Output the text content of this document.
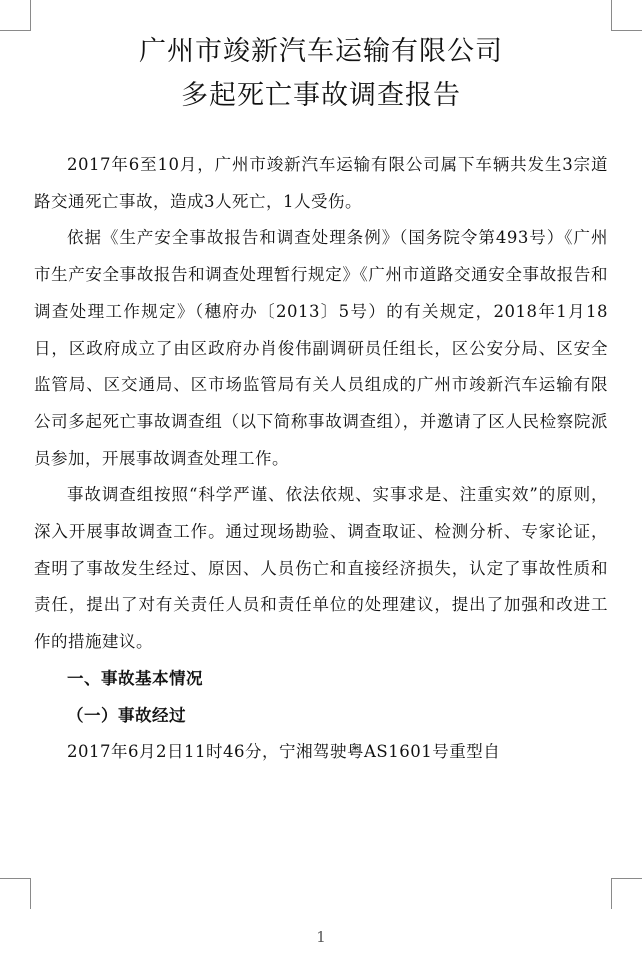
广州市竣新汽车运输有限公司
多起死亡事故调查报告

2017年6至10月，广州市竣新汽车运输有限公司属下车辆共发生3宗道路交通死亡事故，造成3人死亡，1人受伤。

依据《生产安全事故报告和调查处理条例》（国务院令第493号）《广州市生产安全事故报告和调查处理暂行规定》《广州市道路交通安全事故报告和调查处理工作规定》（穗府办〔2013〕5号）的有关规定，2018年1月18日，区政府成立了由区政府办肖俊伟副调研员任组长，区公安分局、区安全监管局、区交通局、区市场监管局有关人员组成的广州市竣新汽车运输有限公司多起死亡事故调查组（以下简称事故调查组），并邀请了区人民检察院派员参加，开展事故调查处理工作。

事故调查组按照“科学严谨、依法依规、实事求是、注重实效”的原则，深入开展事故调查工作。通过现场勘验、调查取证、检测分析、专家论证，查明了事故发生经过、原因、人员伤亡和直接经济损失，认定了事故性质和责任，提出了对有关责任人员和责任单位的处理建议，提出了加强和改进工作的措施建议。

一、事故基本情况
（一）事故经过

2017年6月2日11时46分，宁湘驾驶粤AS1601号重型自

1
